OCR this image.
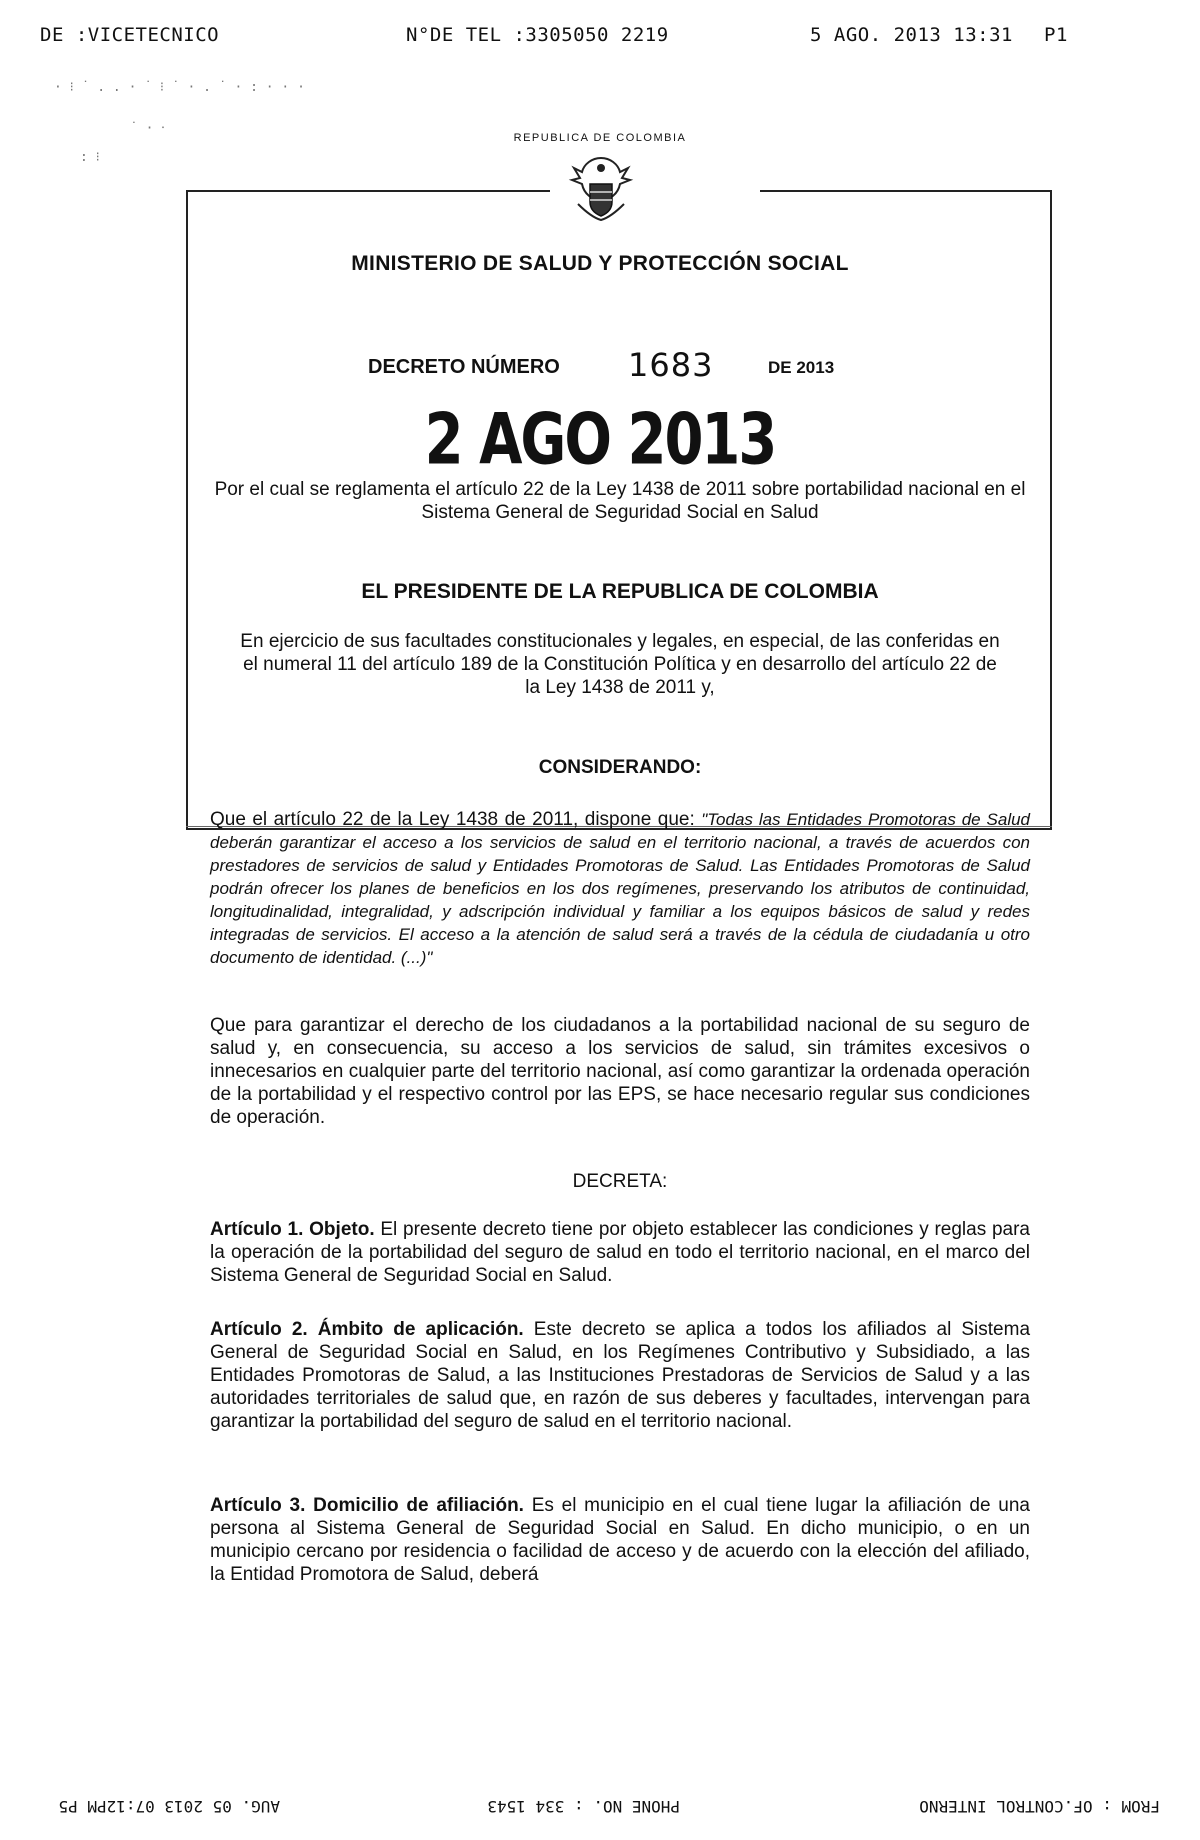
DE :VICETECNICO	N°DE TEL :3305050 2219	5 AGO. 2013 13:31 P1
· ⁝ ˙ . . · ˙ ⁝ ˙ · . ˙ · : · · ·
˙ · ⸱
: ⁝
REPUBLICA DE COLOMBIA
MINISTERIO DE SALUD Y PROTECCIÓN SOCIAL
DECRETO NÚMERO 1683	DE 2013
2 AGO 2013
Por el cual se reglamenta el artículo 22 de la Ley 1438 de 2011 sobre portabilidad nacional en el Sistema General de Seguridad Social en Salud
EL PRESIDENTE DE LA REPUBLICA DE COLOMBIA
En ejercicio de sus facultades constitucionales y legales, en especial, de las conferidas en el numeral 11 del artículo 189 de la Constitución Política y en desarrollo del artículo 22 de la Ley 1438 de 2011 y,
CONSIDERANDO:
Que el artículo 22 de la Ley 1438 de 2011, dispone que: "Todas las Entidades Promotoras de Salud deberán garantizar el acceso a los servicios de salud en el territorio nacional, a través de acuerdos con prestadores de servicios de salud y Entidades Promotoras de Salud. Las Entidades Promotoras de Salud podrán ofrecer los planes de beneficios en los dos regímenes, preservando los atributos de continuidad, longitudinalidad, integralidad, y adscripción individual y familiar a los equipos básicos de salud y redes integradas de servicios. El acceso a la atención de salud será a través de la cédula de ciudadanía u otro documento de identidad. (...)"
Que para garantizar el derecho de los ciudadanos a la portabilidad nacional de su seguro de salud y, en consecuencia, su acceso a los servicios de salud, sin trámites excesivos o innecesarios en cualquier parte del territorio nacional, así como garantizar la ordenada operación de la portabilidad y el respectivo control por las EPS, se hace necesario regular sus condiciones de operación.
DECRETA:
Artículo 1. Objeto. El presente decreto tiene por objeto establecer las condiciones y reglas para la operación de la portabilidad del seguro de salud en todo el territorio nacional, en el marco del Sistema General de Seguridad Social en Salud.
Artículo 2. Ámbito de aplicación. Este decreto se aplica a todos los afiliados al Sistema General de Seguridad Social en Salud, en los Regímenes Contributivo y Subsidiado, a las Entidades Promotoras de Salud, a las Instituciones Prestadoras de Servicios de Salud y a las autoridades territoriales de salud que, en razón de sus deberes y facultades, intervengan para garantizar la portabilidad del seguro de salud en el territorio nacional.
Artículo 3. Domicilio de afiliación. Es el municipio en el cual tiene lugar la afiliación de una persona al Sistema General de Seguridad Social en Salud. En dicho municipio, o en un municipio cercano por residencia o facilidad de acceso y de acuerdo con la elección del afiliado, la Entidad Promotora de Salud, deberá
FROM : OF.CONTROL INTERNO
PHONE NO. : 334 1543
AUG. 05 2013 07:12PM P5
